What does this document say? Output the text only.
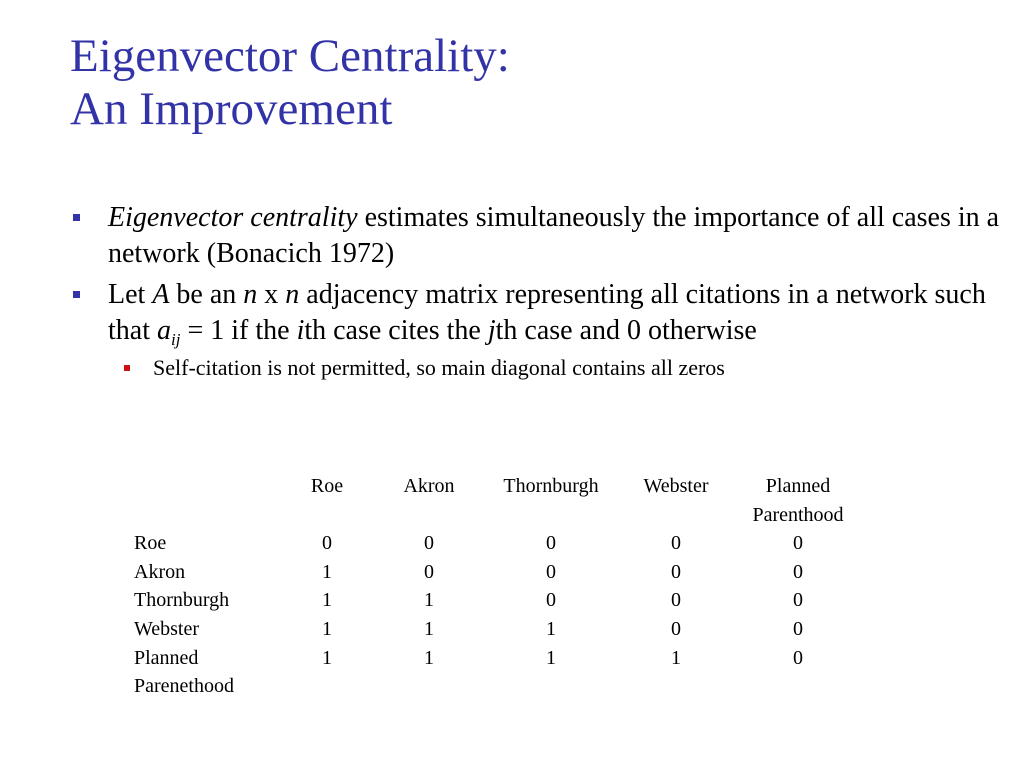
Eigenvector Centrality:
An Improvement
Eigenvector centrality estimates simultaneously the importance of all cases in a network (Bonacich 1972)
Let A be an n x n adjacency matrix representing all citations in a network such that $a_{ij} = 1$ if the ith case cites the jth case and 0 otherwise
Self-citation is not permitted, so main diagonal contains all zeros
	Roe	Akron	Thornburgh	Webster	Planned
Parenthood

Roe	0	0	0	0	0
Akron	1	0	0	0	0
Thornburgh	1	1	0	0	0
Webster	1	1	1	0	0
Planned	1	1	1	1	0
Parenethood					
